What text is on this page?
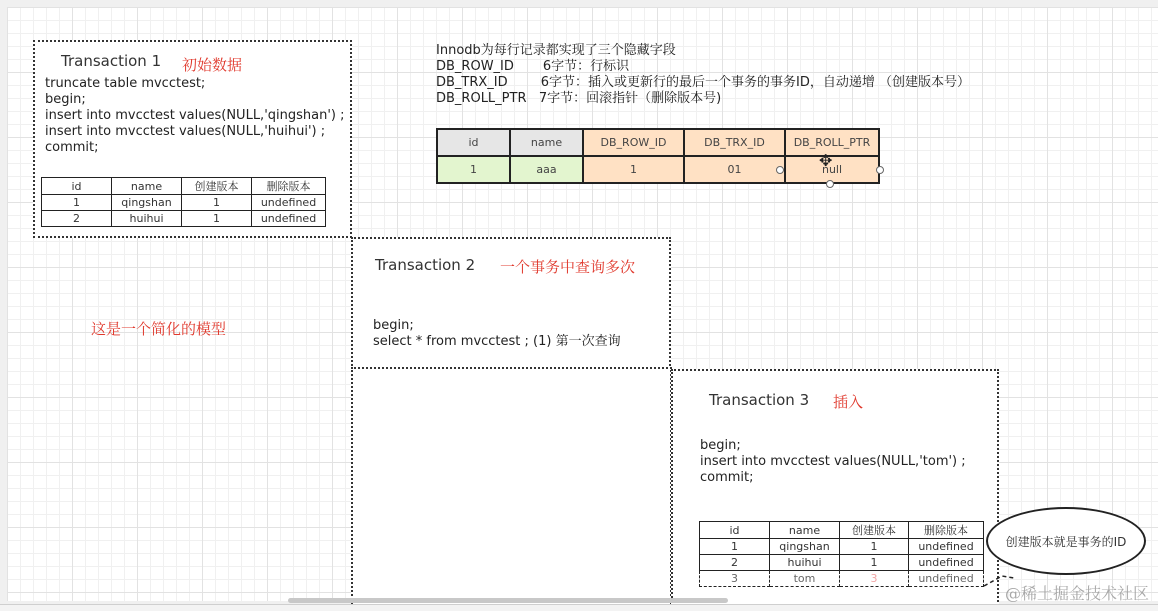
Transaction 1 初始数据
truncate table mvcctest;
begin;
insert into mvcctest values(NULL,'qingshan') ;
insert into mvcctest values(NULL,'huihui') ;
commit;
id	name	创建版本	删除版本
1	qingshan	1	undefined
2	huihui	1	undefined
Innodb为每行记录都实现了三个隐藏字段
DB_ROW_ID       6字节：行标识
DB_TRX_ID        6字节：插入或更新行的最后一个事务的事务ID，自动递增 （创建版本号）
DB_ROLL_PTR   7字节：回滚指针（删除版本号)
id	name	DB_ROW_ID	DB_TRX_ID	DB_ROLL_PTR
1	aaa	1	01	null
✥
Transaction 2 一个事务中查询多次
begin;
select * from mvcctest ; (1) 第一次查询
这是一个简化的模型
Transaction 3 插入
begin;
insert into mvcctest values(NULL,'tom') ;
commit;
id	name	创建版本	删除版本
1	qingshan	1	undefined
2	huihui	1	undefined
3	tom	3	undefined
创建版本就是事务的ID
@稀土掘金技术社区
